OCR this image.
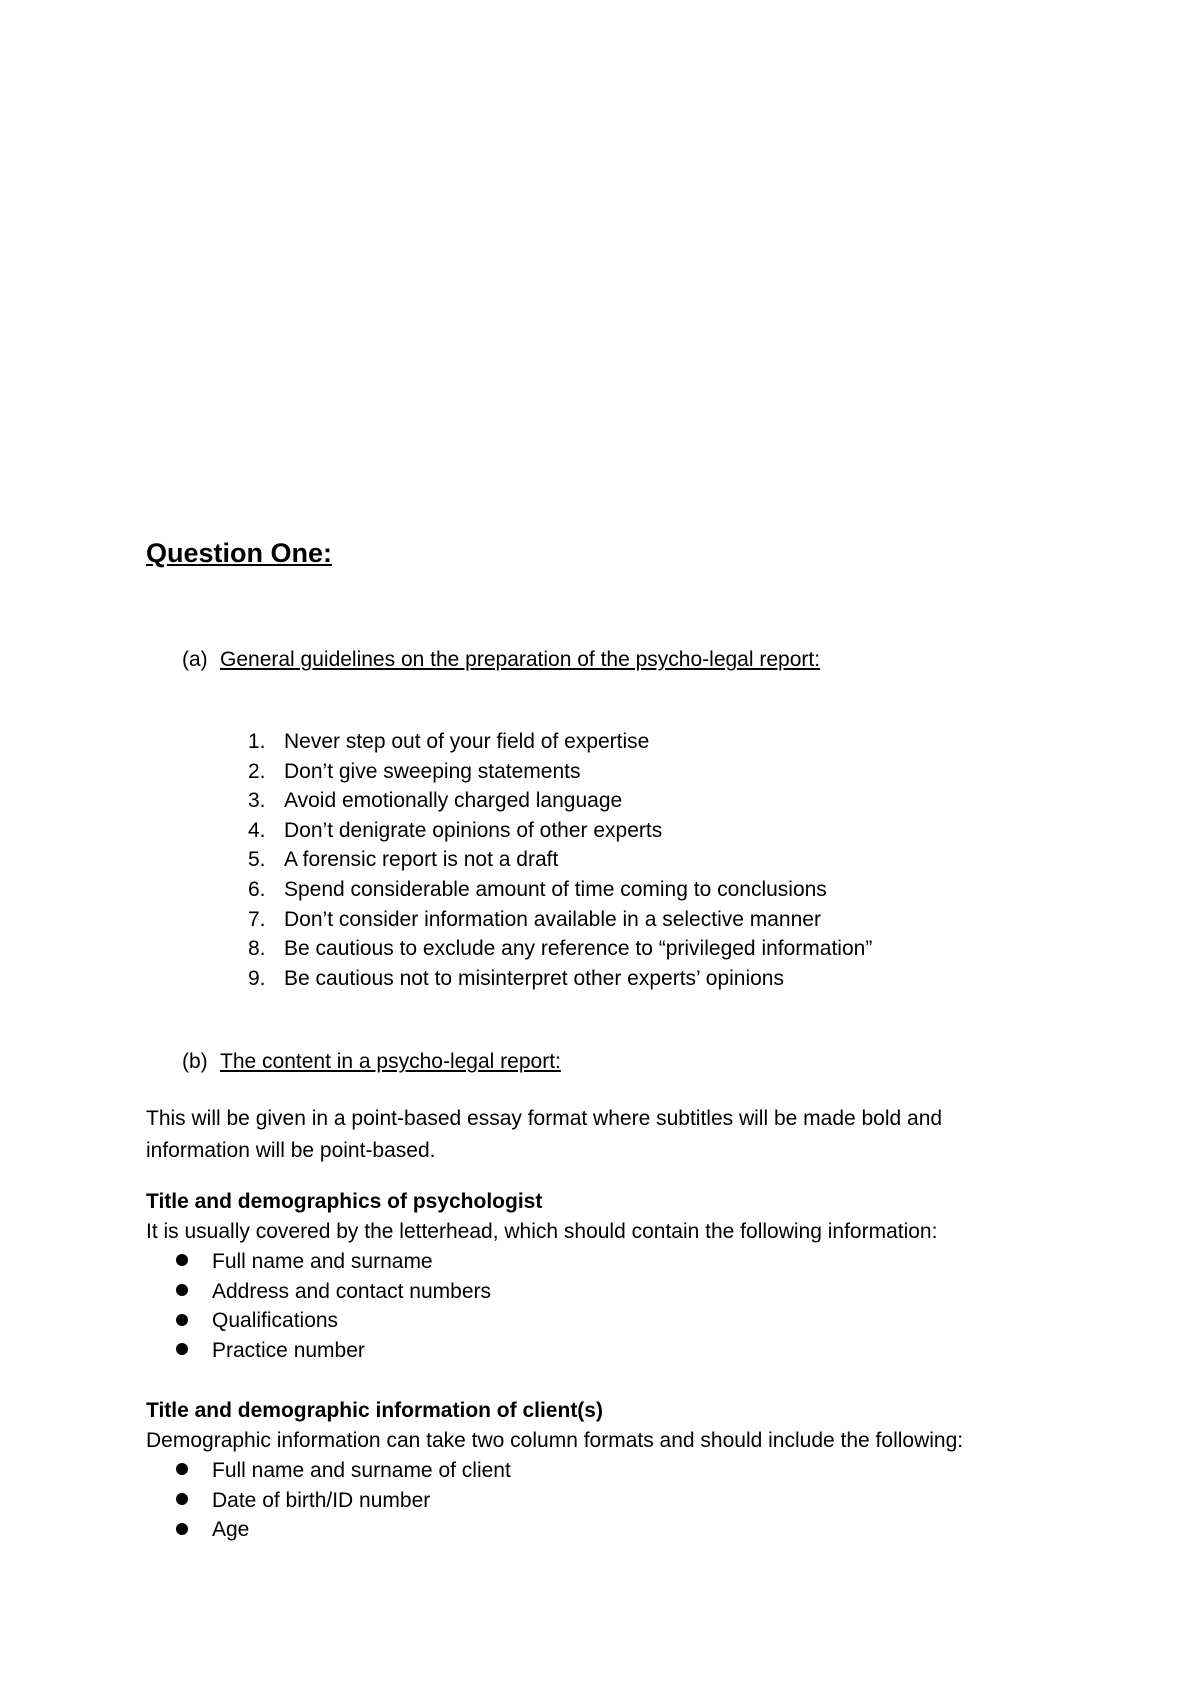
Question One:
(a) General guidelines on the preparation of the psycho-legal report:
1. Never step out of your field of expertise
2. Don’t give sweeping statements
3. Avoid emotionally charged language
4. Don’t denigrate opinions of other experts
5. A forensic report is not a draft
6. Spend considerable amount of time coming to conclusions
7. Don’t consider information available in a selective manner
8. Be cautious to exclude any reference to “privileged information”
9. Be cautious not to misinterpret other experts’ opinions
(b) The content in a psycho-legal report:

This will be given in a point-based essay format where subtitles will be made bold and information will be point-based.

Title and demographics of psychologist

It is usually covered by the letterhead, which should contain the following information:

Full name and surname
Address and contact numbers
Qualifications
Practice number
Title and demographic information of client(s)

Demographic information can take two column formats and should include the following:

Full name and surname of client
Date of birth/ID number
Age
